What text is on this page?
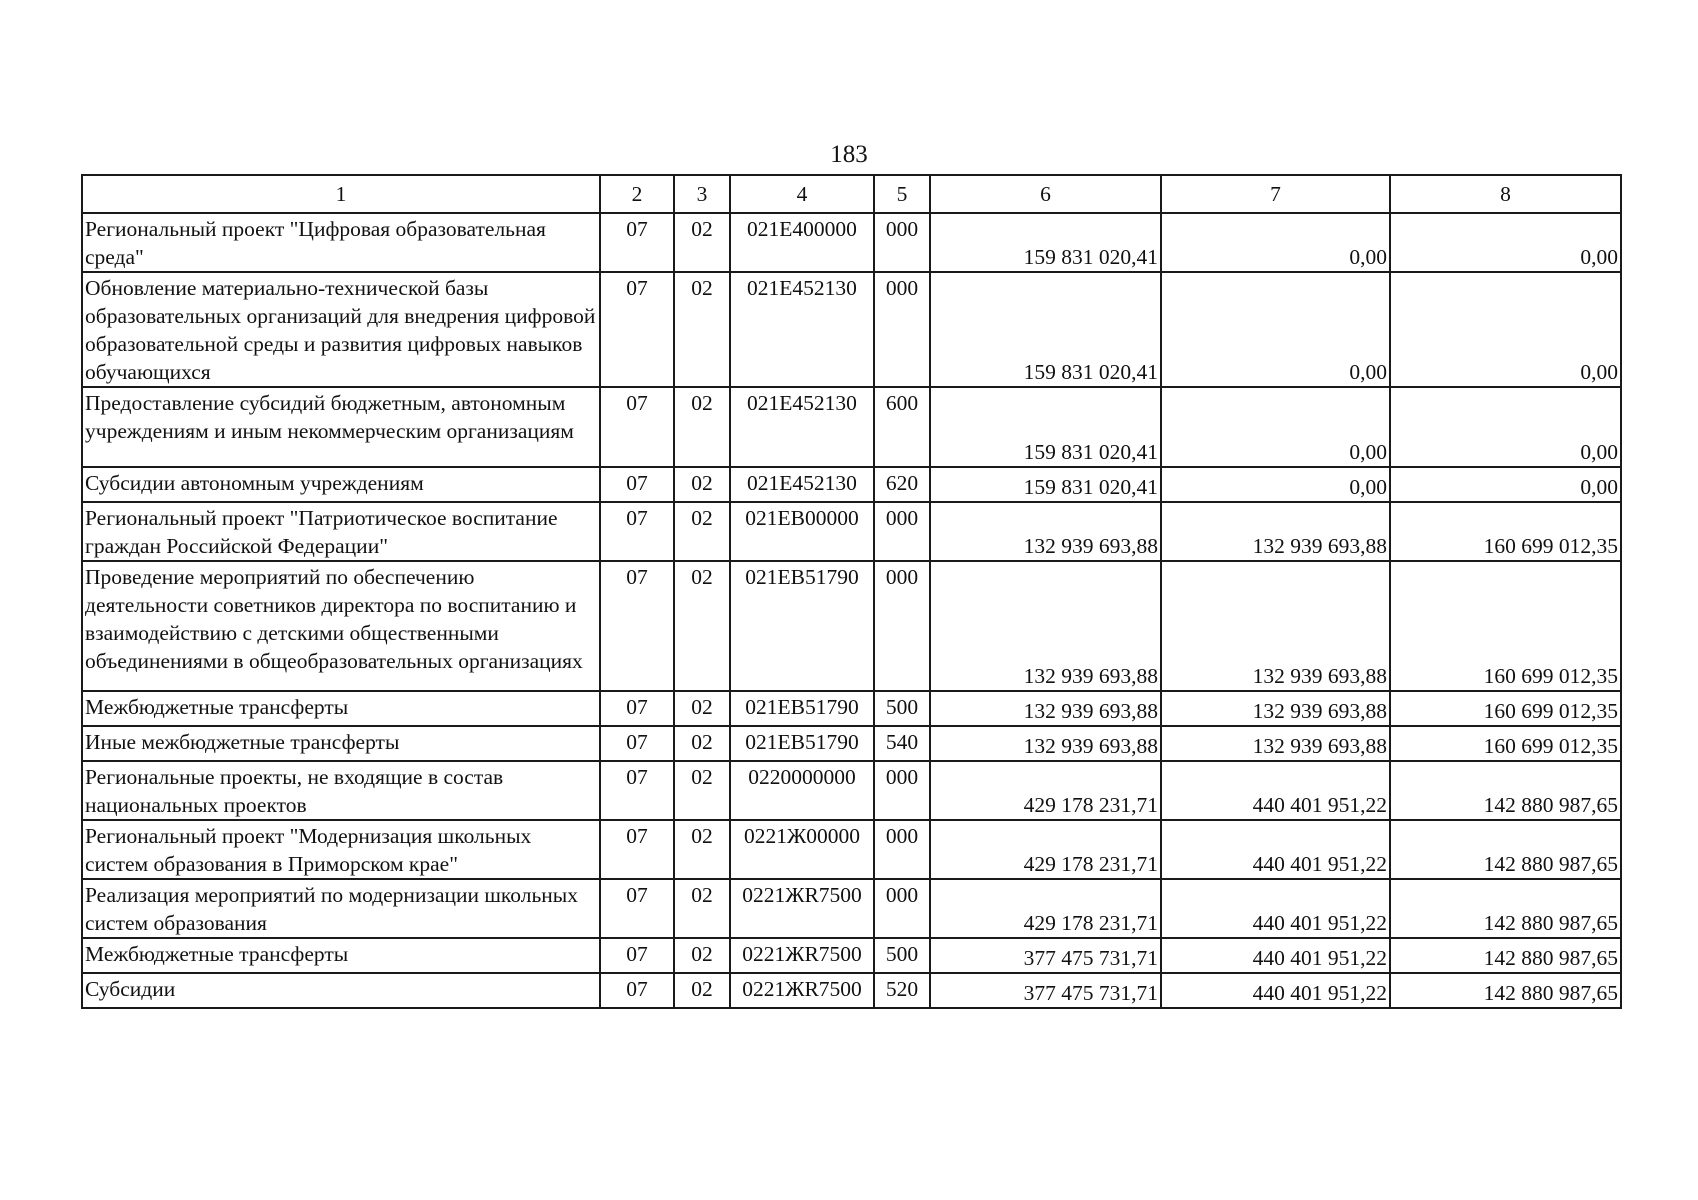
183
1	2	3	4	5	6	7	8
Региональный проект "Цифровая образовательная среда"	07	02	021E400000	000	159 831 020,41	0,00	0,00
Обновление материально-технической базы образовательных организаций для внедрения цифровой образовательной среды и развития цифровых навыков обучающихся	07	02	021E452130	000	159 831 020,41	0,00	0,00
Предоставление субсидий бюджетным, автономным учреждениям и иным некоммерческим организациям	07	02	021E452130	600	159 831 020,41	0,00	0,00
Субсидии автономным учреждениям	07	02	021E452130	620	159 831 020,41	0,00	0,00
Региональный проект "Патриотическое воспитание граждан Российской Федерации"	07	02	021EB00000	000	132 939 693,88	132 939 693,88	160 699 012,35
Проведение мероприятий по обеспечению деятельности советников директора по воспитанию и взаимодействию с детскими общественными объединениями в общеобразовательных организациях	07	02	021EB51790	000	132 939 693,88	132 939 693,88	160 699 012,35
Межбюджетные трансферты	07	02	021EB51790	500	132 939 693,88	132 939 693,88	160 699 012,35
Иные межбюджетные трансферты	07	02	021EB51790	540	132 939 693,88	132 939 693,88	160 699 012,35
Региональные проекты, не входящие в состав национальных проектов	07	02	0220000000	000	429 178 231,71	440 401 951,22	142 880 987,65
Региональный проект "Модернизация школьных систем образования в Приморском крае"	07	02	0221Ж00000	000	429 178 231,71	440 401 951,22	142 880 987,65
Реализация мероприятий по модернизации школьных систем образования	07	02	0221ЖR7500	000	429 178 231,71	440 401 951,22	142 880 987,65
Межбюджетные трансферты	07	02	0221ЖR7500	500	377 475 731,71	440 401 951,22	142 880 987,65
Субсидии	07	02	0221ЖR7500	520	377 475 731,71	440 401 951,22	142 880 987,65
